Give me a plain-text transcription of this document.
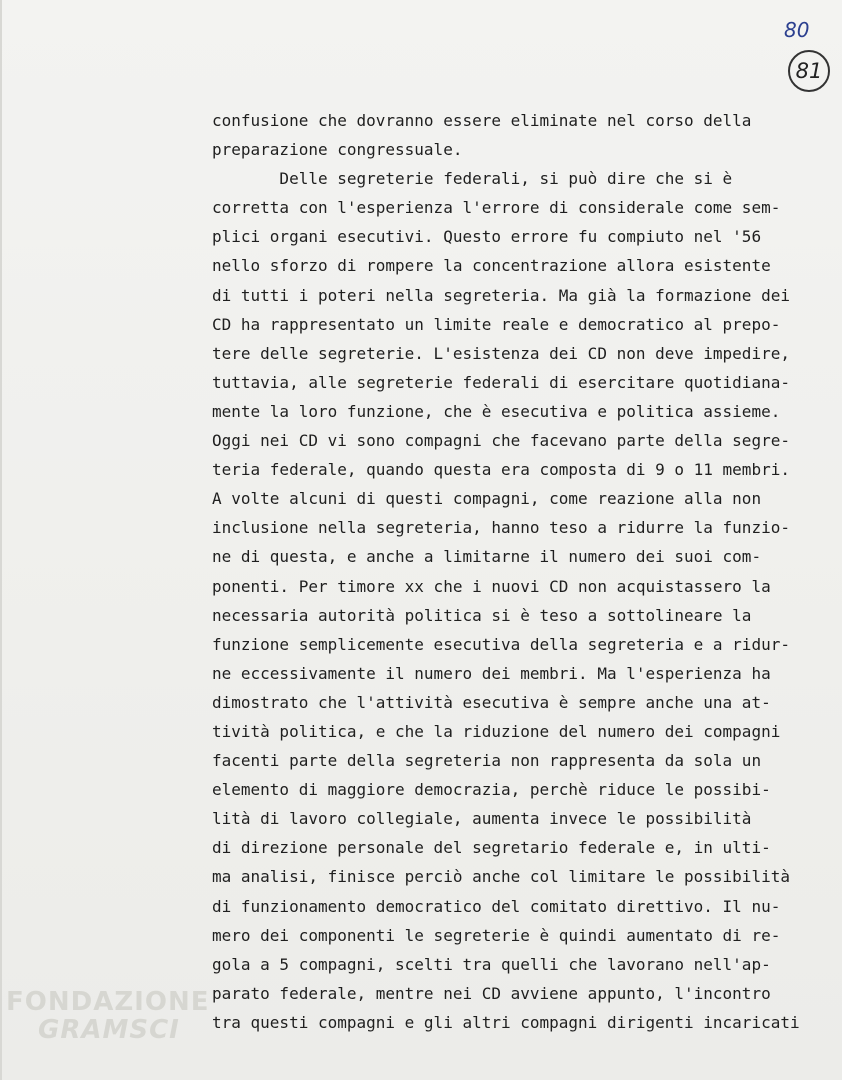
80
81
confusione che dovranno essere eliminate nel corso della
preparazione congressuale.
Delle segreterie federali, si può dire che si è
corretta con l'esperienza l'errore di considerale come sem-
plici organi esecutivi. Questo errore fu compiuto nel '56
nello sforzo di rompere la concentrazione allora esistente
di tutti i poteri nella segreteria. Ma già la formazione dei
CD ha rappresentato un limite reale e democratico al prepo-
tere delle segreterie. L'esistenza dei CD non deve impedire,
tuttavia, alle segreterie federali di esercitare quotidiana-
mente la loro funzione, che è esecutiva e politica assieme.
Oggi nei CD vi sono compagni che facevano parte della segre-
teria federale, quando questa era composta di 9 o 11 membri.
A volte alcuni di questi compagni, come reazione alla non
inclusione nella segreteria, hanno teso a ridurre la funzio-
ne di questa, e anche a limitarne il numero dei suoi com-
ponenti. Per timore xx che i nuovi CD non acquistassero la
necessaria autorità politica si è teso a sottolineare la
funzione semplicemente esecutiva della segreteria e a ridur-
ne eccessivamente il numero dei membri. Ma l'esperienza ha
dimostrato che l'attività esecutiva è sempre anche una at-
tività politica, e che la riduzione del numero dei compagni
facenti parte della segreteria non rappresenta da sola un
elemento di maggiore democrazia, perchè riduce le possibi-
lità di lavoro collegiale, aumenta invece le possibilità
di direzione personale del segretario federale e, in ulti-
ma analisi, finisce perciò anche col limitare le possibilità
di funzionamento democratico del comitato direttivo. Il nu-
mero dei componenti le segreterie è quindi aumentato di re-
gola a 5 compagni, scelti tra quelli che lavorano nell'ap-
parato federale, mentre nei CD avviene appunto, l'incontro
tra questi compagni e gli altri compagni dirigenti incaricati
FONDAZIONE
GRAMSCI
